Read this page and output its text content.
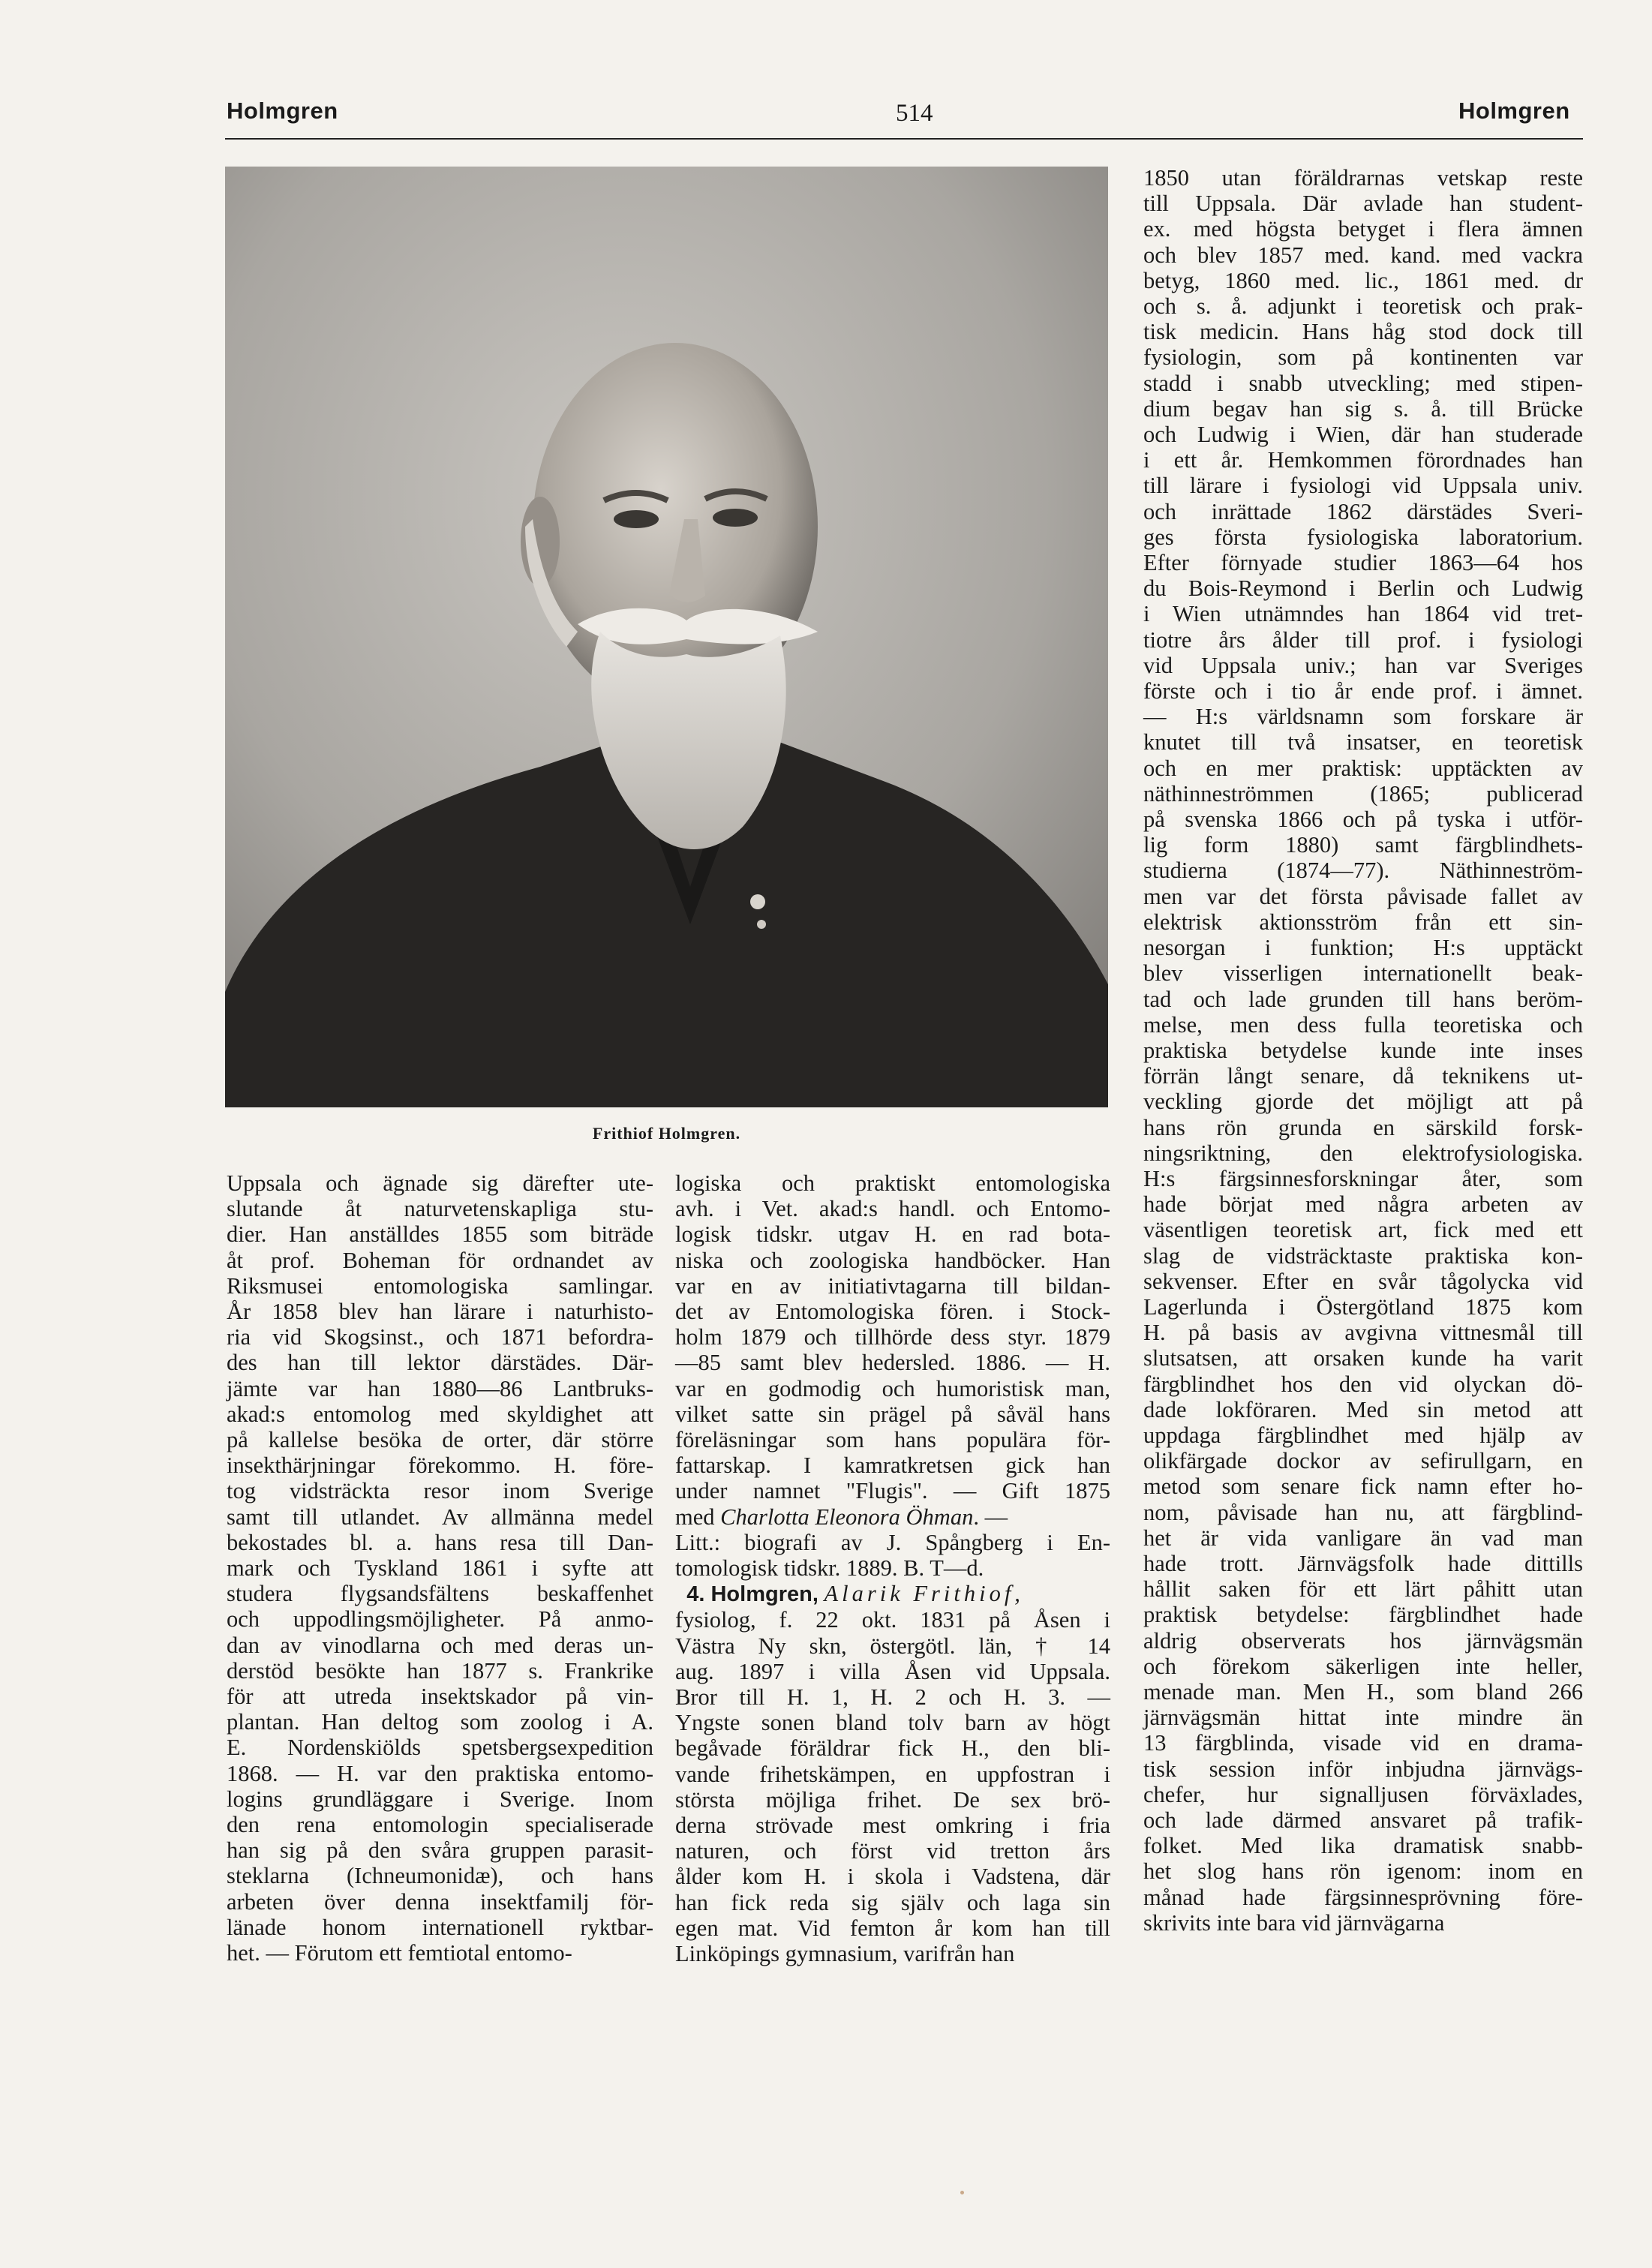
Holmgren	514	Holmgren
Frithiof Holmgren.
Uppsala och ägnade sig därefter ute-
slutande åt naturvetenskapliga stu-
dier. Han anställdes 1855 som biträde
åt prof. Boheman för ordnandet av
Riksmusei entomologiska samlingar.
År 1858 blev han lärare i naturhisto-
ria vid Skogsinst., och 1871 befordra-
des han till lektor därstädes. Där-
jämte var han 1880—86 Lantbruks-
akad:s entomolog med skyldighet att
på kallelse besöka de orter, där större
insekthärjningar förekommo. H. före-
tog vidsträckta resor inom Sverige
samt till utlandet. Av allmänna medel
bekostades bl. a. hans resa till Dan-
mark och Tyskland 1861 i syfte att
studera flygsandsfältens beskaffenhet
och uppodlingsmöjligheter. På anmo-
dan av vinodlarna och med deras un-
derstöd besökte han 1877 s. Frankrike
för att utreda insektskador på vin-
plantan. Han deltog som zoolog i A.
E. Nordenskiölds spetsbergsexpedition
1868. — H. var den praktiska entomo-
logins grundläggare i Sverige. Inom
den rena entomologin specialiserade
han sig på den svåra gruppen parasit-
steklarna (Ichneumonidæ), och hans
arbeten över denna insektfamilj för-
länade honom internationell ryktbar-
het. — Förutom ett femtiotal entomo-
logiska och praktiskt entomologiska
avh. i Vet. akad:s handl. och Entomo-
logisk tidskr. utgav H. en rad bota-
niska och zoologiska handböcker. Han
var en av initiativtagarna till bildan-
det av Entomologiska fören. i Stock-
holm 1879 och tillhörde dess styr. 1879
—85 samt blev hedersled. 1886. — H.
var en godmodig och humoristisk man,
vilket satte sin prägel på såväl hans
föreläsningar som hans populära för-
fattarskap. I kamratkretsen gick han
under namnet "Flugis". — Gift 1875
med Charlotta Eleonora Öhman. —
Litt.: biografi av J. Spångberg i En-
tomologisk tidskr. 1889. B. T—d.
4. Holmgren, Alarik Frithiof,
fysiolog, f. 22 okt. 1831 på Åsen i
Västra Ny skn, östergötl. län, † 14
aug. 1897 i villa Åsen vid Uppsala.
Bror till H. 1, H. 2 och H. 3. —
Yngste sonen bland tolv barn av högt
begåvade föräldrar fick H., den bli-
vande frihetskämpen, en uppfostran i
största möjliga frihet. De sex brö-
derna strövade mest omkring i fria
naturen, och först vid tretton års
ålder kom H. i skola i Vadstena, där
han fick reda sig själv och laga sin
egen mat. Vid femton år kom han till
Linköpings gymnasium, varifrån han
1850 utan föräldrarnas vetskap reste
till Uppsala. Där avlade han student-
ex. med högsta betyget i flera ämnen
och blev 1857 med. kand. med vackra
betyg, 1860 med. lic., 1861 med. dr
och s. å. adjunkt i teoretisk och prak-
tisk medicin. Hans håg stod dock till
fysiologin, som på kontinenten var
stadd i snabb utveckling; med stipen-
dium begav han sig s. å. till Brücke
och Ludwig i Wien, där han studerade
i ett år. Hemkommen förordnades han
till lärare i fysiologi vid Uppsala univ.
och inrättade 1862 därstädes Sveri-
ges första fysiologiska laboratorium.
Efter förnyade studier 1863—64 hos
du Bois-Reymond i Berlin och Ludwig
i Wien utnämndes han 1864 vid tret-
tiotre års ålder till prof. i fysiologi
vid Uppsala univ.; han var Sveriges
förste och i tio år ende prof. i ämnet.
— H:s världsnamn som forskare är
knutet till två insatser, en teoretisk
och en mer praktisk: upptäckten av
näthinneströmmen (1865; publicerad
på svenska 1866 och på tyska i utför-
lig form 1880) samt färgblindhets-
studierna (1874—77). Näthinneström-
men var det första påvisade fallet av
elektrisk aktionsström från ett sin-
nesorgan i funktion; H:s upptäckt
blev visserligen internationellt beak-
tad och lade grunden till hans beröm-
melse, men dess fulla teoretiska och
praktiska betydelse kunde inte inses
förrän långt senare, då teknikens ut-
veckling gjorde det möjligt att på
hans rön grunda en särskild forsk-
ningsriktning, den elektrofysiologiska.
H:s färgsinnesforskningar åter, som
hade börjat med några arbeten av
väsentligen teoretisk art, fick med ett
slag de vidsträcktaste praktiska kon-
sekvenser. Efter en svår tågolycka vid
Lagerlunda i Östergötland 1875 kom
H. på basis av avgivna vittnesmål till
slutsatsen, att orsaken kunde ha varit
färgblindhet hos den vid olyckan dö-
dade lokföraren. Med sin metod att
uppdaga färgblindhet med hjälp av
olikfärgade dockor av sefirullgarn, en
metod som senare fick namn efter ho-
nom, påvisade han nu, att färgblind-
het är vida vanligare än vad man
hade trott. Järnvägsfolk hade dittills
hållit saken för ett lärt påhitt utan
praktisk betydelse: färgblindhet hade
aldrig observerats hos järnvägsmän
och förekom säkerligen inte heller,
menade man. Men H., som bland 266
järnvägsmän hittat inte mindre än
13 färgblinda, visade vid en drama-
tisk session inför inbjudna järnvägs-
chefer, hur signalljusen förväxlades,
och lade därmed ansvaret på trafik-
folket. Med lika dramatisk snabb-
het slog hans rön igenom: inom en
månad hade färgsinnesprövning före-
skrivits inte bara vid järnvägarna
